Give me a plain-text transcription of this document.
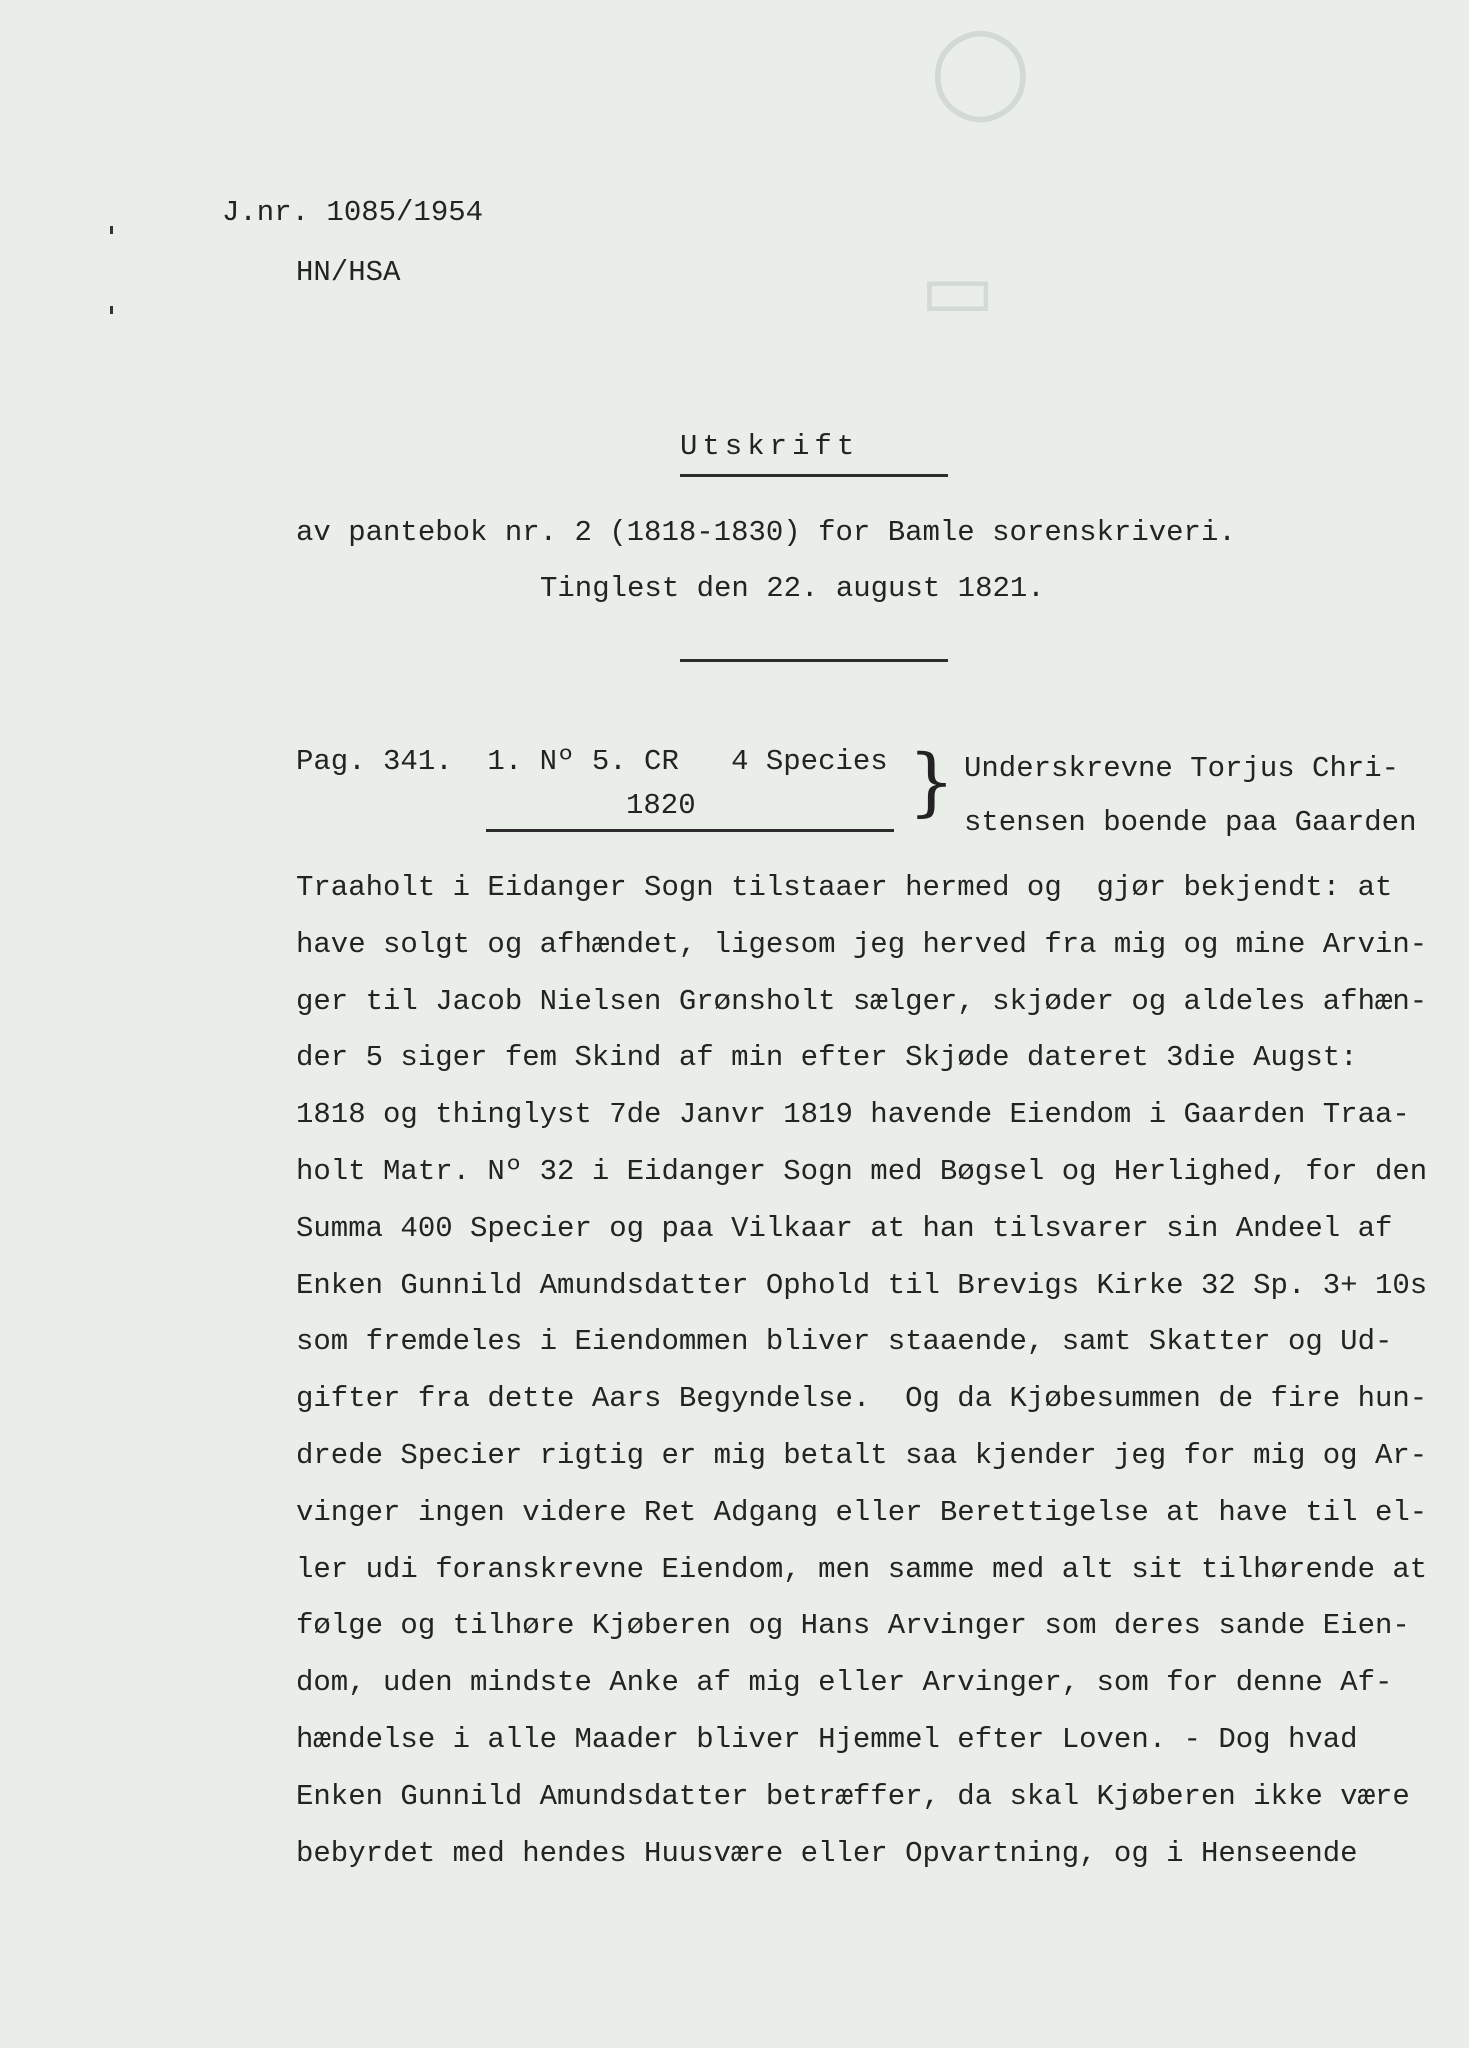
◯
▭
J.nr. 1085/1954
HN/HSA
Utskrift
av pantebok nr. 2 (1818-1830) for Bamle sorenskriveri.
Tinglest den 22. august 1821.
Pag. 341.  1. Nº 5. CR   4 Species
1820	} Underskrevne Torjus Chri-
stensen boende paa Gaarden
Traaholt i Eidanger Sogn tilstaaer hermed og  gjør bekjendt: at
have solgt og afhændet, ligesom jeg herved fra mig og mine Arvin-
ger til Jacob Nielsen Grønsholt sælger, skjøder og aldeles afhæn-
der 5 siger fem Skind af min efter Skjøde dateret 3die Augst:
1818 og thinglyst 7de Janvr 1819 havende Eiendom i Gaarden Traa-
holt Matr. Nº 32 i Eidanger Sogn med Bøgsel og Herlighed, for den
Summa 400 Specier og paa Vilkaar at han tilsvarer sin Andeel af
Enken Gunnild Amundsdatter Ophold til Brevigs Kirke 32 Sp. 3+ 10s
som fremdeles i Eiendommen bliver staaende, samt Skatter og Ud-
gifter fra dette Aars Begyndelse.  Og da Kjøbesummen de fire hun-
drede Specier rigtig er mig betalt saa kjender jeg for mig og Ar-
vinger ingen videre Ret Adgang eller Berettigelse at have til el-
ler udi foranskrevne Eiendom, men samme med alt sit tilhørende at
følge og tilhøre Kjøberen og Hans Arvinger som deres sande Eien-
dom, uden mindste Anke af mig eller Arvinger, som for denne Af-
hændelse i alle Maader bliver Hjemmel efter Loven. - Dog hvad
Enken Gunnild Amundsdatter betræffer, da skal Kjøberen ikke være
bebyrdet med hendes Huusvære eller Opvartning, og i Henseende
